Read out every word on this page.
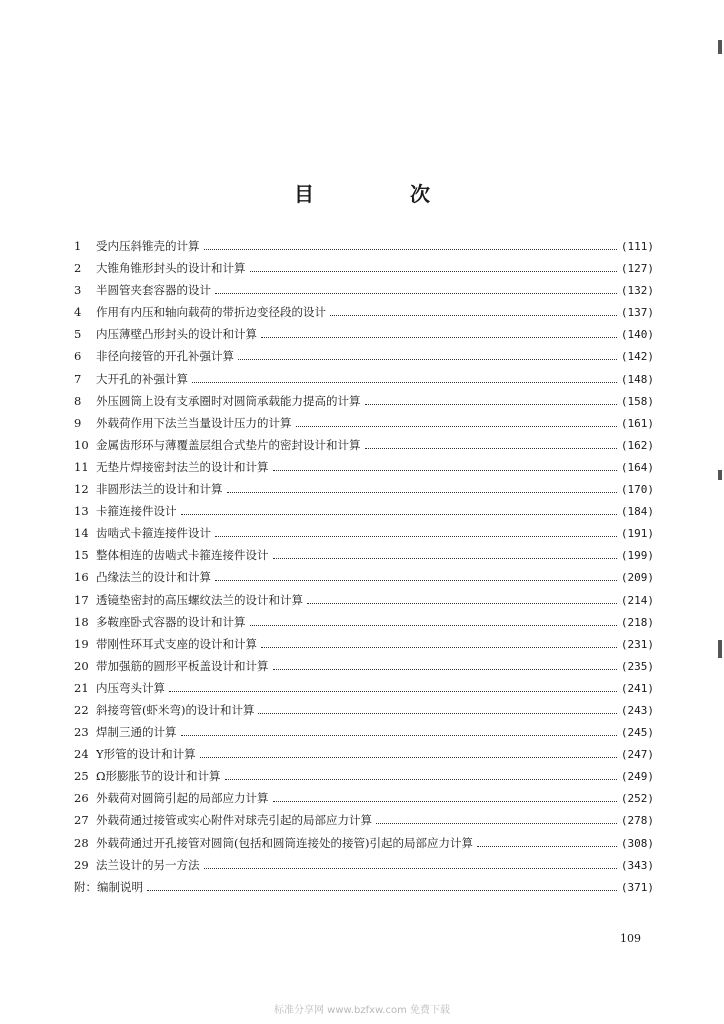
目　次
1	受内压斜锥壳的计算	(111)
2	大锥角锥形封头的设计和计算	(127)
3	半圆管夹套容器的设计	(132)
4	作用有内压和轴向载荷的带折边变径段的设计	(137)
5	内压薄壁凸形封头的设计和计算	(140)
6	非径向接管的开孔补强计算	(142)
7	大开孔的补强计算	(148)
8	外压圆筒上设有支承圈时对圆筒承载能力提高的计算	(158)
9	外载荷作用下法兰当量设计压力的计算	(161)
10 金属齿形环与薄覆盖层组合式垫片的密封设计和计算	(162)
11 无垫片焊接密封法兰的设计和计算	(164)
12 非圆形法兰的设计和计算	(170)
13 卡箍连接件设计	(184)
14 齿啮式卡箍连接件设计	(191)
15 整体相连的齿啮式卡箍连接件设计	(199)
16 凸缘法兰的设计和计算	(209)
17 透镜垫密封的高压螺纹法兰的设计和计算	(214)
18 多鞍座卧式容器的设计和计算	(218)
19 带刚性环耳式支座的设计和计算	(231)
20 带加强筋的圆形平板盖设计和计算	(235)
21 内压弯头计算	(241)
22 斜接弯管(虾米弯)的设计和计算	(243)
23 焊制三通的计算	(245)
24 Y形管的设计和计算	(247)
25 Ω形膨胀节的设计和计算	(249)
26 外载荷对圆筒引起的局部应力计算	(252)
27 外载荷通过接管或实心附件对球壳引起的局部应力计算	(278)
28 外载荷通过开孔接管对圆筒(包括和圆筒连接处的接管)引起的局部应力计算	(308)
29 法兰设计的另一方法	(343)
附：编制说明	(371)
109
标准分享网 www.bzfxw.com 免费下载
